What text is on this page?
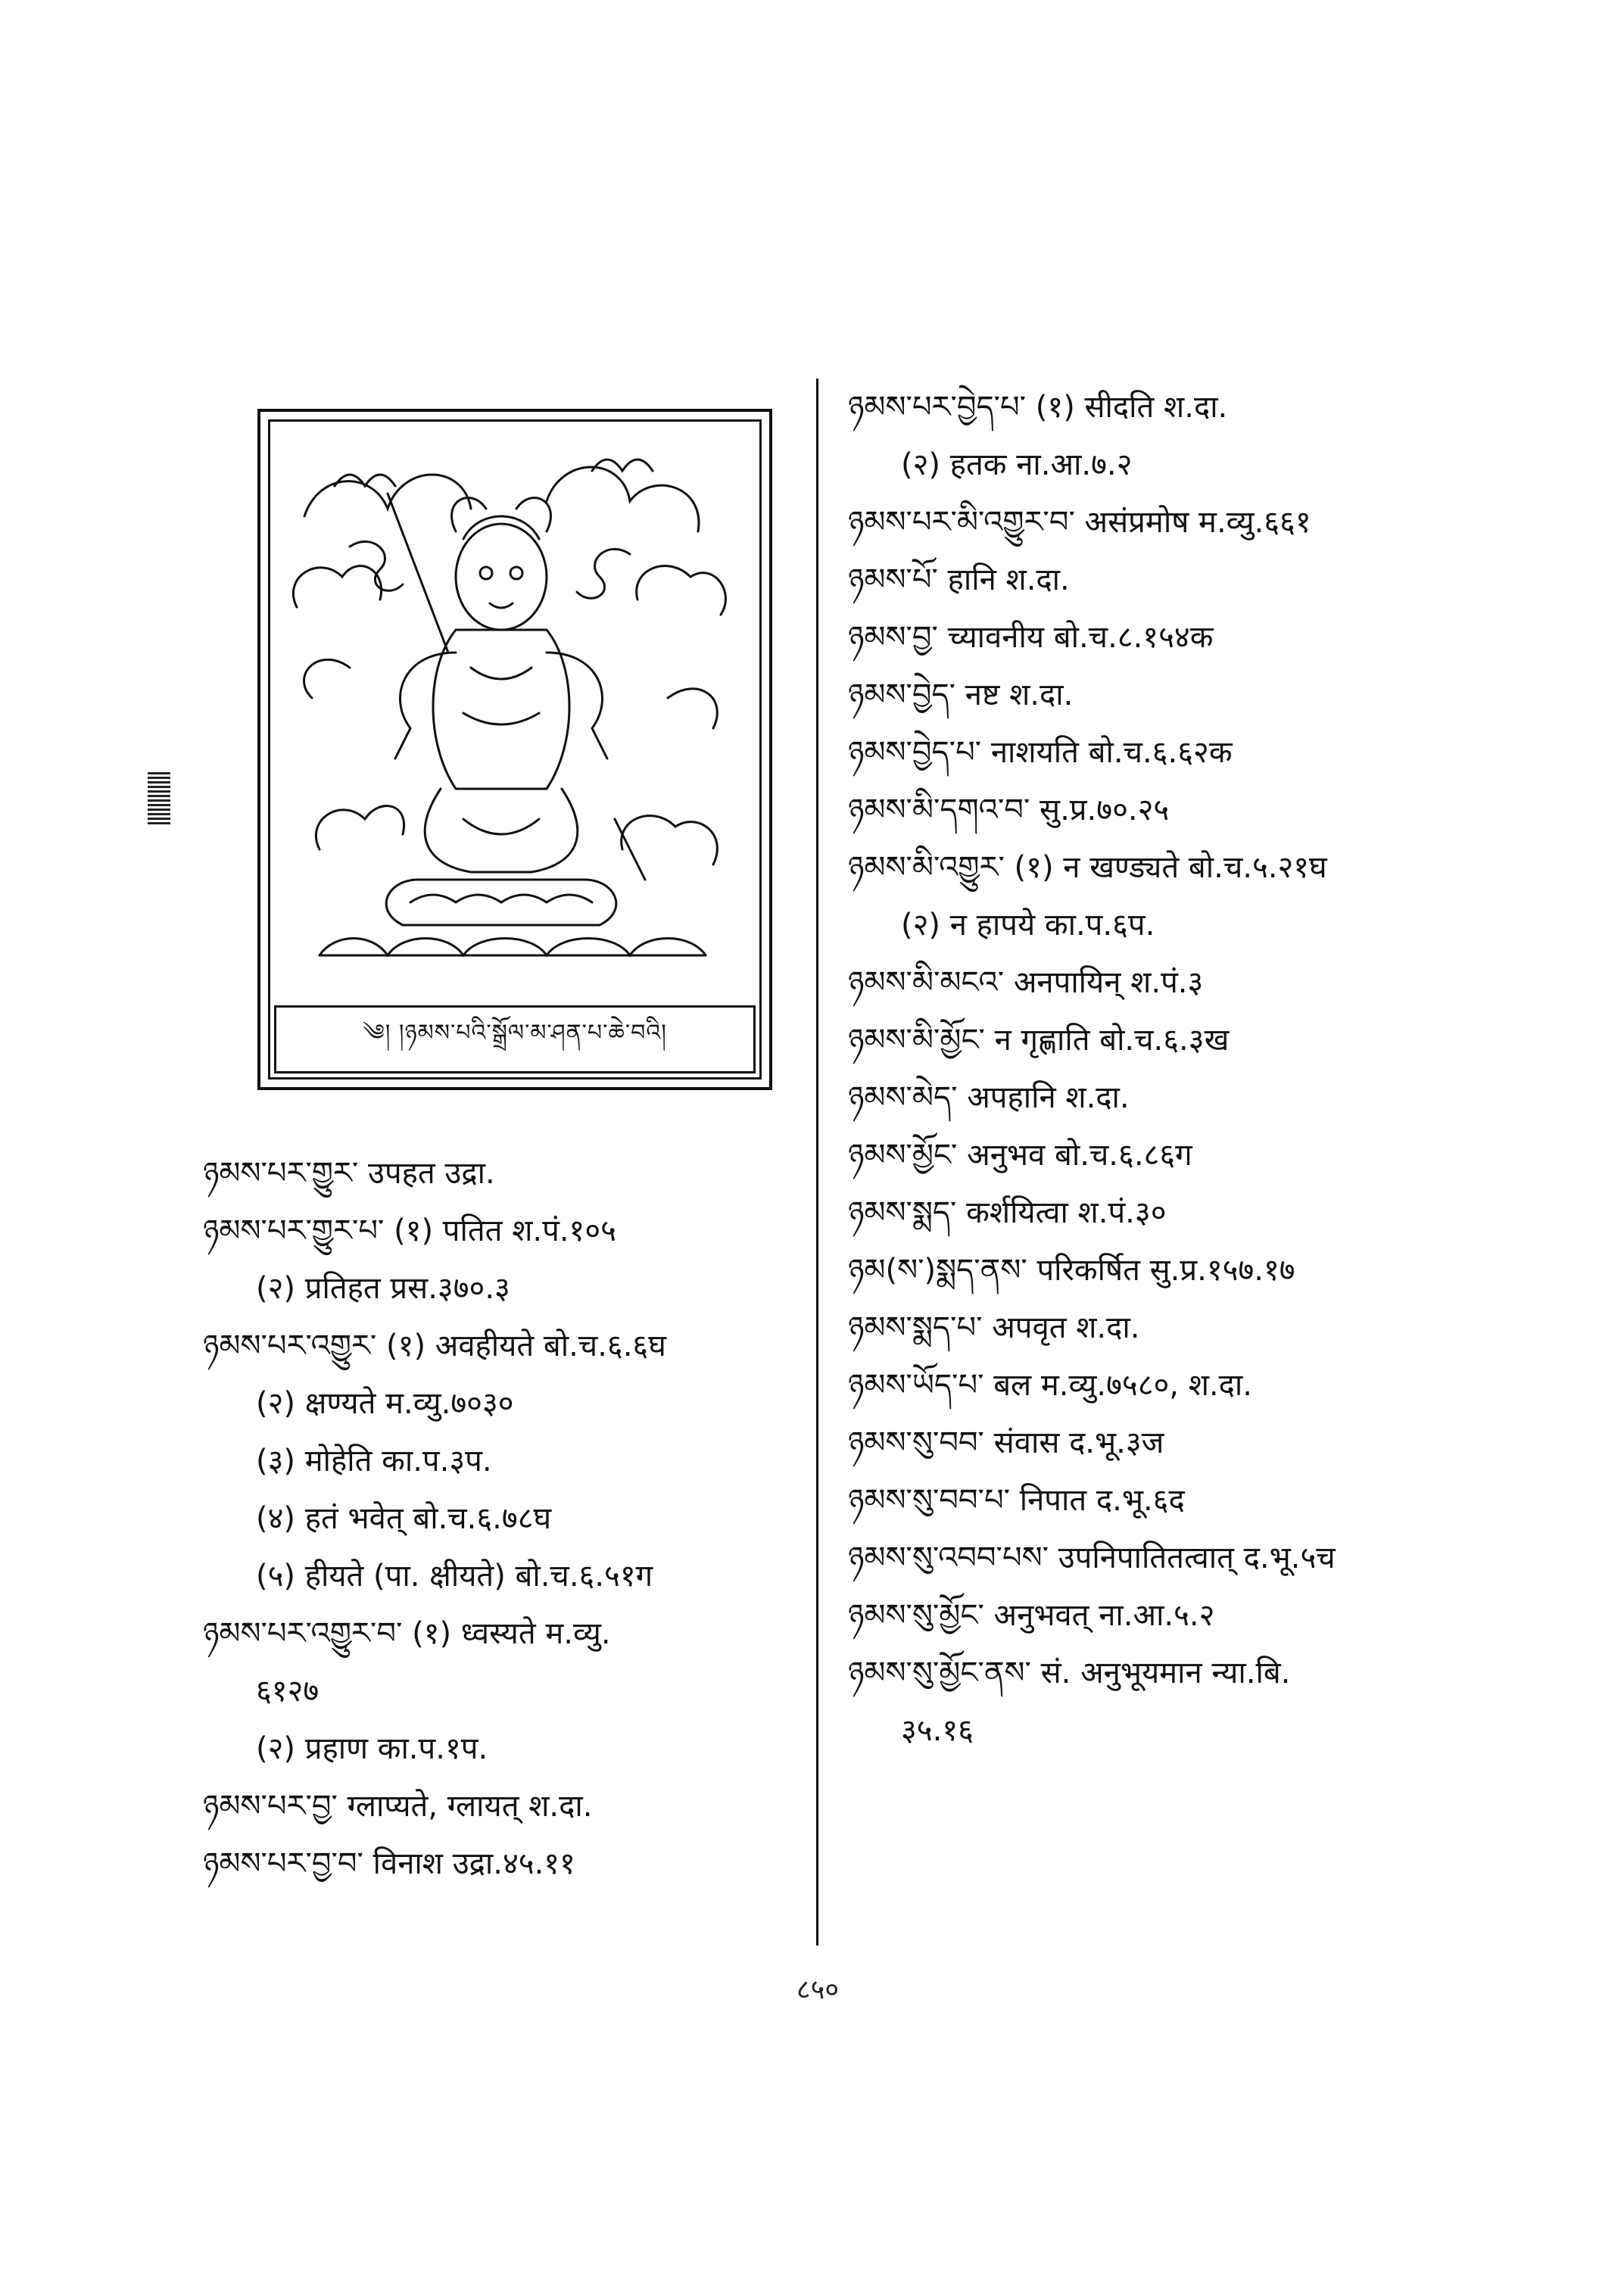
༄། །ཉམས་པའི་སྒྲོལ་མ་ཤན་པ་ཆེ་བའི།
ཉམས་པར་གྱུར་ उपहत उद्रा.
ཉམས་པར་གྱུར་པ་ (१) पतित श.पं.१०५
(२) प्रतिहत प्रस.३७०.३
ཉམས་པར་འགྱུར་ (१) अवहीयते बो.च.६.६घ
(२) क्षण्यते म.व्यु.७०३०
(३) मोहेति का.प.३प.
(४) हतं भवेत् बो.च.६.७८घ
(५) हीयते (पा. क्षीयते) बो.च.६.५१ग
ཉམས་པར་འགྱུར་བ་ (१) ध्वस्यते म.व्यु.
६१२७
(२) प्रहाण का.प.१प.
ཉམས་པར་བྱ་ ग्लाप्यते, ग्लायत् श.दा.
ཉམས་པར་བྱ་བ་ विनाश उद्रा.४५.११
ཉམས་པར་བྱེད་པ་ (१) सीदति श.दा.
(२) हतक ना.आ.७.२
ཉམས་པར་མི་འགྱུར་བ་ असंप्रमोष म.व्यु.६६१
ཉམས་པོ་ हानि श.दा.
ཉམས་བྱ་ च्यावनीय बो.च.८.१५४क
ཉམས་བྱེད་ नष्ट श.दा.
ཉམས་བྱེད་པ་ नाशयति बो.च.६.६२क
ཉམས་མི་དགའ་བ་ सु.प्र.७०.२५
ཉམས་མི་འགྱུར་ (१) न खण्ड्यते बो.च.५.२१घ
(२) न हापये का.प.६प.
ཉམས་མི་མངའ་ अनपायिन् श.पं.३
ཉམས་མི་མྱོང་ न गृह्णाति बो.च.६.३ख
ཉམས་མེད་ अपहानि श.दा.
ཉམས་མྱོང་ अनुभव बो.च.६.८६ग
ཉམས་སྨད་ कर्शयित्वा श.पं.३०
ཉམ(ས་)སྨད་ནས་ परिकर्षित सु.प्र.१५७.१७
ཉམས་སྨད་པ་ अपवृत श.दा.
ཉམས་ཡོད་པ་ बल म.व्यु.७५८०, श.दा.
ཉམས་སུ་བབ་ संवास द.भू.३ज
ཉམས་སུ་བབ་པ་ निपात द.भू.६द
ཉམས་སུ་འབབ་པས་ उपनिपातितत्वात् द.भू.५च
ཉམས་སུ་མྱོང་ अनुभवत् ना.आ.५.२
ཉམས་སུ་མྱོང་ནས་ सं. अनुभूयमान न्या.बि.
३५.१६
८५०
